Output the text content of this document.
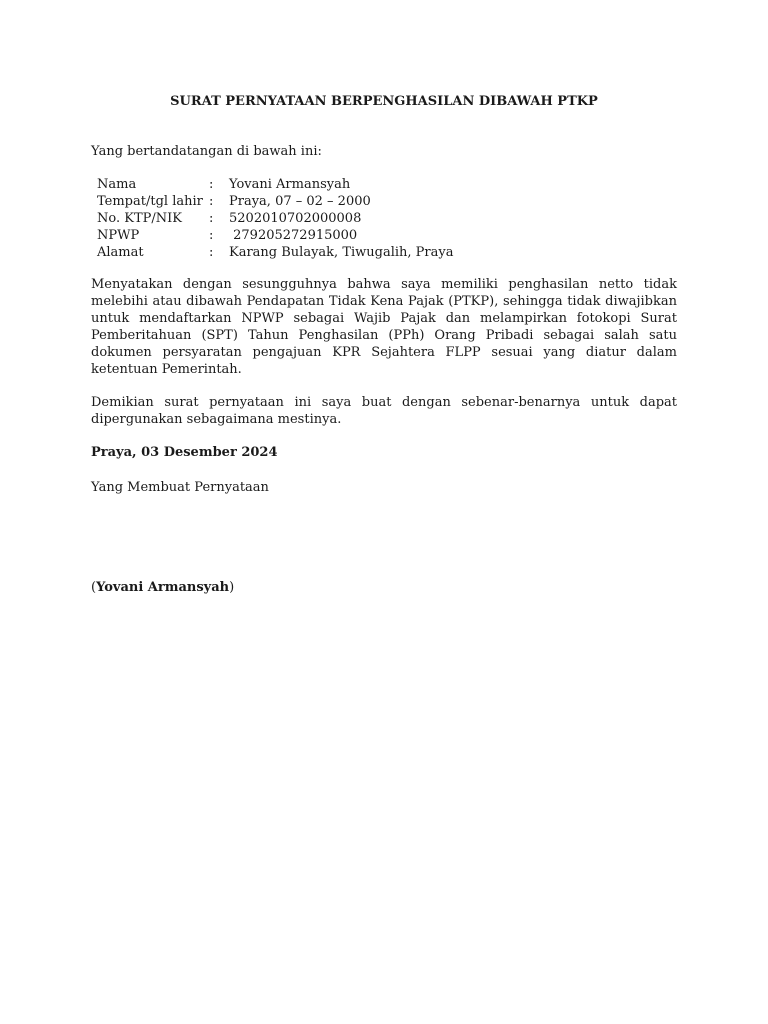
SURAT PERNYATAAN BERPENGHASILAN DIBAWAH PTKP
Yang bertandatangan di bawah ini:
Nama	:	Yovani Armansyah
Tempat/tgl lahir :	Praya, 07 – 02 – 2000
No. KTP/NIK	:	5202010702000008
NPWP	:	279205272915000
Alamat	:	Karang Bulayak, Tiwugalih, Praya
Menyatakan dengan sesungguhnya bahwa saya memiliki penghasilan netto tidak melebihi atau dibawah Pendapatan Tidak Kena Pajak (PTKP), sehingga tidak diwajibkan untuk mendaftarkan NPWP sebagai Wajib Pajak dan melampirkan fotokopi Surat Pemberitahuan (SPT) Tahun Penghasilan (PPh) Orang Pribadi sebagai salah satu dokumen persyaratan pengajuan KPR Sejahtera FLPP sesuai yang diatur dalam ketentuan Pemerintah.
Demikian surat pernyataan ini saya buat dengan sebenar-benarnya untuk dapat dipergunakan sebagaimana mestinya.
Praya, 03 Desember 2024
Yang Membuat Pernyataan
(Yovani Armansyah)
